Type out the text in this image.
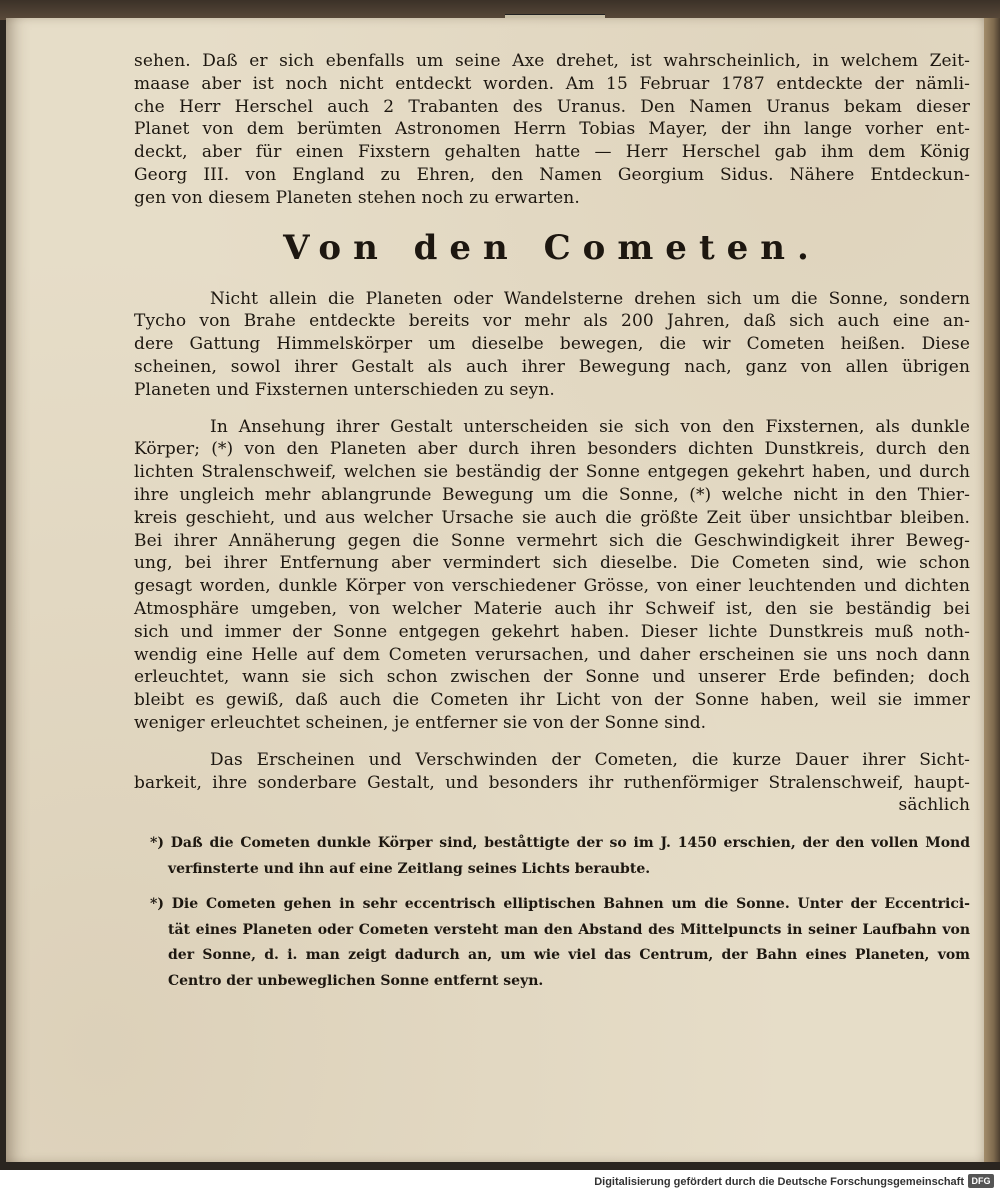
sehen. Daß er sich ebenfalls um seine Axe drehet, ist wahrscheinlich, in welchem Zeit-
maase aber ist noch nicht entdeckt worden. Am 15 Februar 1787 entdeckte der nämli-
che Herr Herschel auch 2 Trabanten des Uranus. Den Namen Uranus bekam dieser
Planet von dem berümten Astronomen Herrn Tobias Mayer, der ihn lange vorher ent-
deckt, aber für einen Fixstern gehalten hatte — Herr Herschel gab ihm dem König
Georg III. von England zu Ehren, den Namen Georgium Sidus. Nähere Entdeckun-
gen von diesem Planeten stehen noch zu erwarten.
Von den Cometen.
Nicht allein die Planeten oder Wandelsterne drehen sich um die Sonne, sondern
Tycho von Brahe entdeckte bereits vor mehr als 200 Jahren, daß sich auch eine an-
dere Gattung Himmelskörper um dieselbe bewegen, die wir Cometen heißen. Diese
scheinen, sowol ihrer Gestalt als auch ihrer Bewegung nach, ganz von allen übrigen
Planeten und Fixsternen unterschieden zu seyn.
In Ansehung ihrer Gestalt unterscheiden sie sich von den Fixsternen, als dunkle
Körper; (*) von den Planeten aber durch ihren besonders dichten Dunstkreis, durch den
lichten Stralenschweif, welchen sie beständig der Sonne entgegen gekehrt haben, und durch
ihre ungleich mehr ablangrunde Bewegung um die Sonne, (*) welche nicht in den Thier-
kreis geschieht, und aus welcher Ursache sie auch die größte Zeit über unsichtbar bleiben.
Bei ihrer Annäherung gegen die Sonne vermehrt sich die Geschwindigkeit ihrer Beweg-
ung, bei ihrer Entfernung aber vermindert sich dieselbe. Die Cometen sind, wie schon
gesagt worden, dunkle Körper von verschiedener Grösse, von einer leuchtenden und dichten
Atmosphäre umgeben, von welcher Materie auch ihr Schweif ist, den sie beständig bei
sich und immer der Sonne entgegen gekehrt haben. Dieser lichte Dunstkreis muß noth-
wendig eine Helle auf dem Cometen verursachen, und daher erscheinen sie uns noch dann
erleuchtet, wann sie sich schon zwischen der Sonne und unserer Erde befinden; doch
bleibt es gewiß, daß auch die Cometen ihr Licht von der Sonne haben, weil sie immer
weniger erleuchtet scheinen, je entferner sie von der Sonne sind.
Das Erscheinen und Verschwinden der Cometen, die kurze Dauer ihrer Sicht-
barkeit, ihre sonderbare Gestalt, und besonders ihr ruthenförmiger Stralenschweif, haupt-
sächlich
*) Daß die Cometen dunkle Körper sind, beståttigte der so im J. 1450 erschien, der den vollen Mond
verfinsterte und ihn auf eine Zeitlang seines Lichts beraubte.
*) Die Cometen gehen in sehr eccentrisch elliptischen Bahnen um die Sonne. Unter der Eccentrici-
tät eines Planeten oder Cometen versteht man den Abstand des Mittelpuncts in seiner Laufbahn von
der Sonne, d. i. man zeigt dadurch an, um wie viel das Centrum, der Bahn eines Planeten, vom
Centro der unbeweglichen Sonne entfernt seyn.
Digitalisierung gefördert durch die Deutsche Forschungsgemeinschaft DFG
